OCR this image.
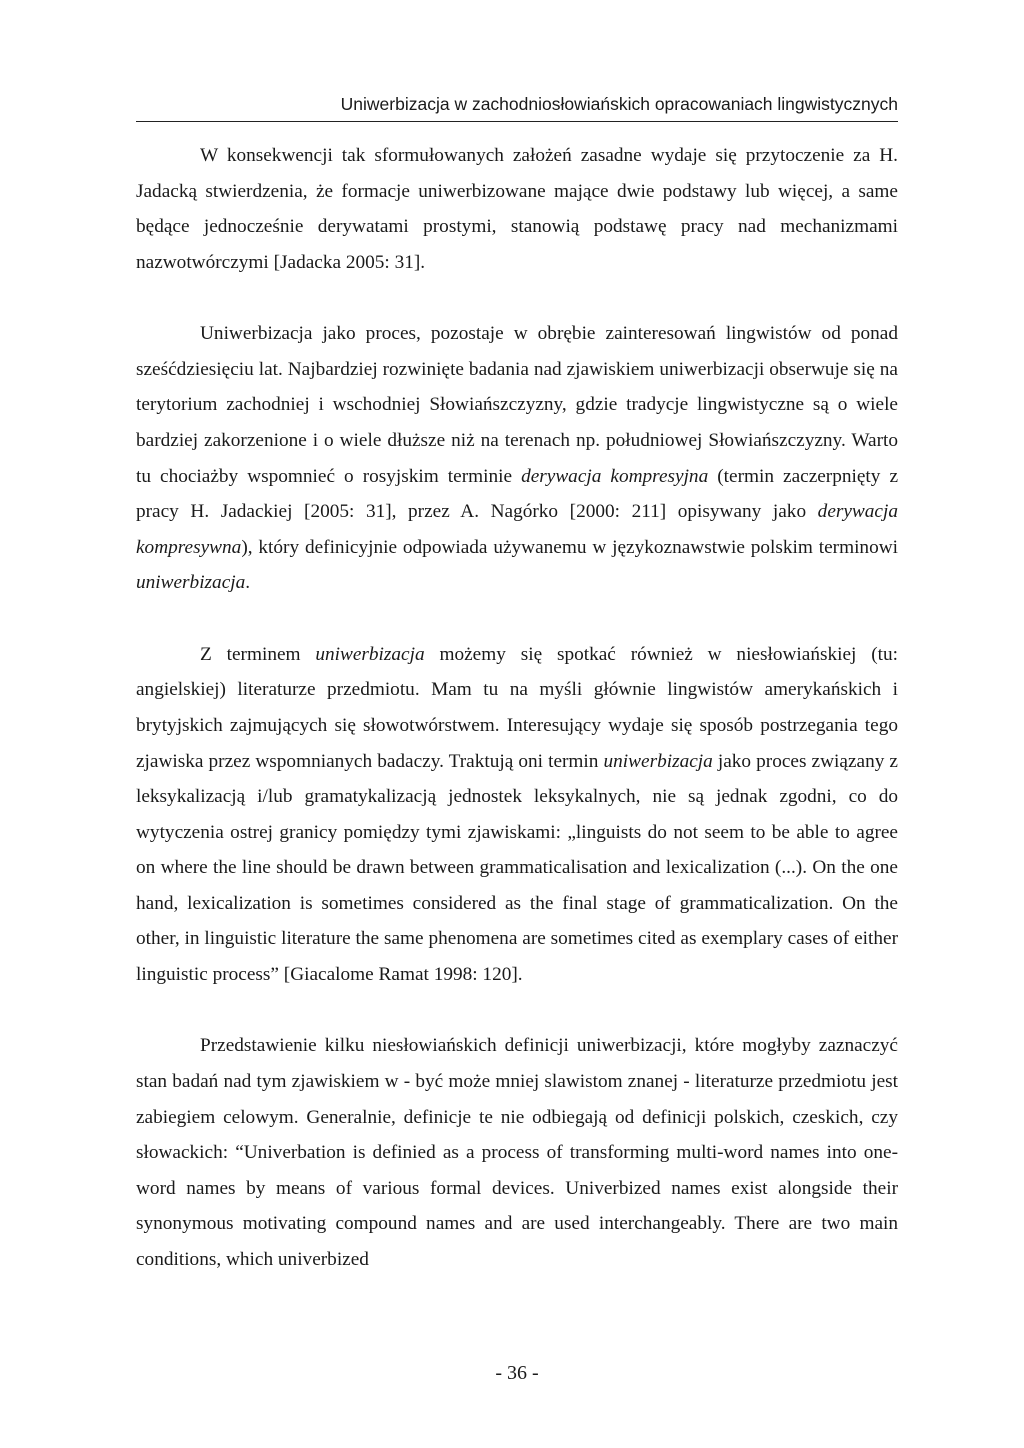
Uniwerbizacja w zachodniosłowiańskich opracowaniach lingwistycznych

W konsekwencji tak sformułowanych założeń zasadne wydaje się przytoczenie za H. Jadacką stwierdzenia, że formacje uniwerbizowane mające dwie podstawy lub więcej, a same będące jednocześnie derywatami prostymi, stanowią podstawę pracy nad mechanizmami nazwotwórczymi [Jadacka 2005: 31].

Uniwerbizacja jako proces, pozostaje w obrębie zainteresowań lingwistów od ponad sześćdziesięciu lat. Najbardziej rozwinięte badania nad zjawiskiem uniwerbizacji obserwuje się na terytorium zachodniej i wschodniej Słowiańszczyzny, gdzie tradycje lingwistyczne są o wiele bardziej zakorzenione i o wiele dłuższe niż na terenach np. południowej Słowiańszczyzny. Warto tu chociażby wspomnieć o rosyjskim terminie derywacja kompresyjna (termin zaczerpnięty z pracy H. Jadackiej [2005: 31], przez A. Nagórko [2000: 211] opisywany jako derywacja kompresywna), który definicyjnie odpowiada używanemu w językoznawstwie polskim terminowi uniwerbizacja.

Z terminem uniwerbizacja możemy się spotkać również w niesłowiańskiej (tu: angielskiej) literaturze przedmiotu. Mam tu na myśli głównie lingwistów amerykańskich i brytyjskich zajmujących się słowotwórstwem. Interesujący wydaje się sposób postrzegania tego zjawiska przez wspomnianych badaczy. Traktują oni termin uniwerbizacja jako proces związany z leksykalizacją i/lub gramatykalizacją jednostek leksykalnych, nie są jednak zgodni, co do wytyczenia ostrej granicy pomiędzy tymi zjawiskami: „linguists do not seem to be able to agree on where the line should be drawn between grammaticalisation and lexicalization (...). On the one hand, lexicalization is sometimes considered as the final stage of grammaticalization. On the other, in linguistic literature the same phenomena are sometimes cited as exemplary cases of either linguistic process” [Giacalome Ramat 1998: 120].

Przedstawienie kilku niesłowiańskich definicji uniwerbizacji, które mogłyby zaznaczyć stan badań nad tym zjawiskiem w - być może mniej slawistom znanej - literaturze przedmiotu jest zabiegiem celowym. Generalnie, definicje te nie odbiegają od definicji polskich, czeskich, czy słowackich: “Univerbation is definied as a process of transforming multi-word names into one-word names by means of various formal devices. Univerbized names exist alongside their synonymous motivating compound names and are used interchangeably. There are two main conditions, which univerbized

- 36 -
